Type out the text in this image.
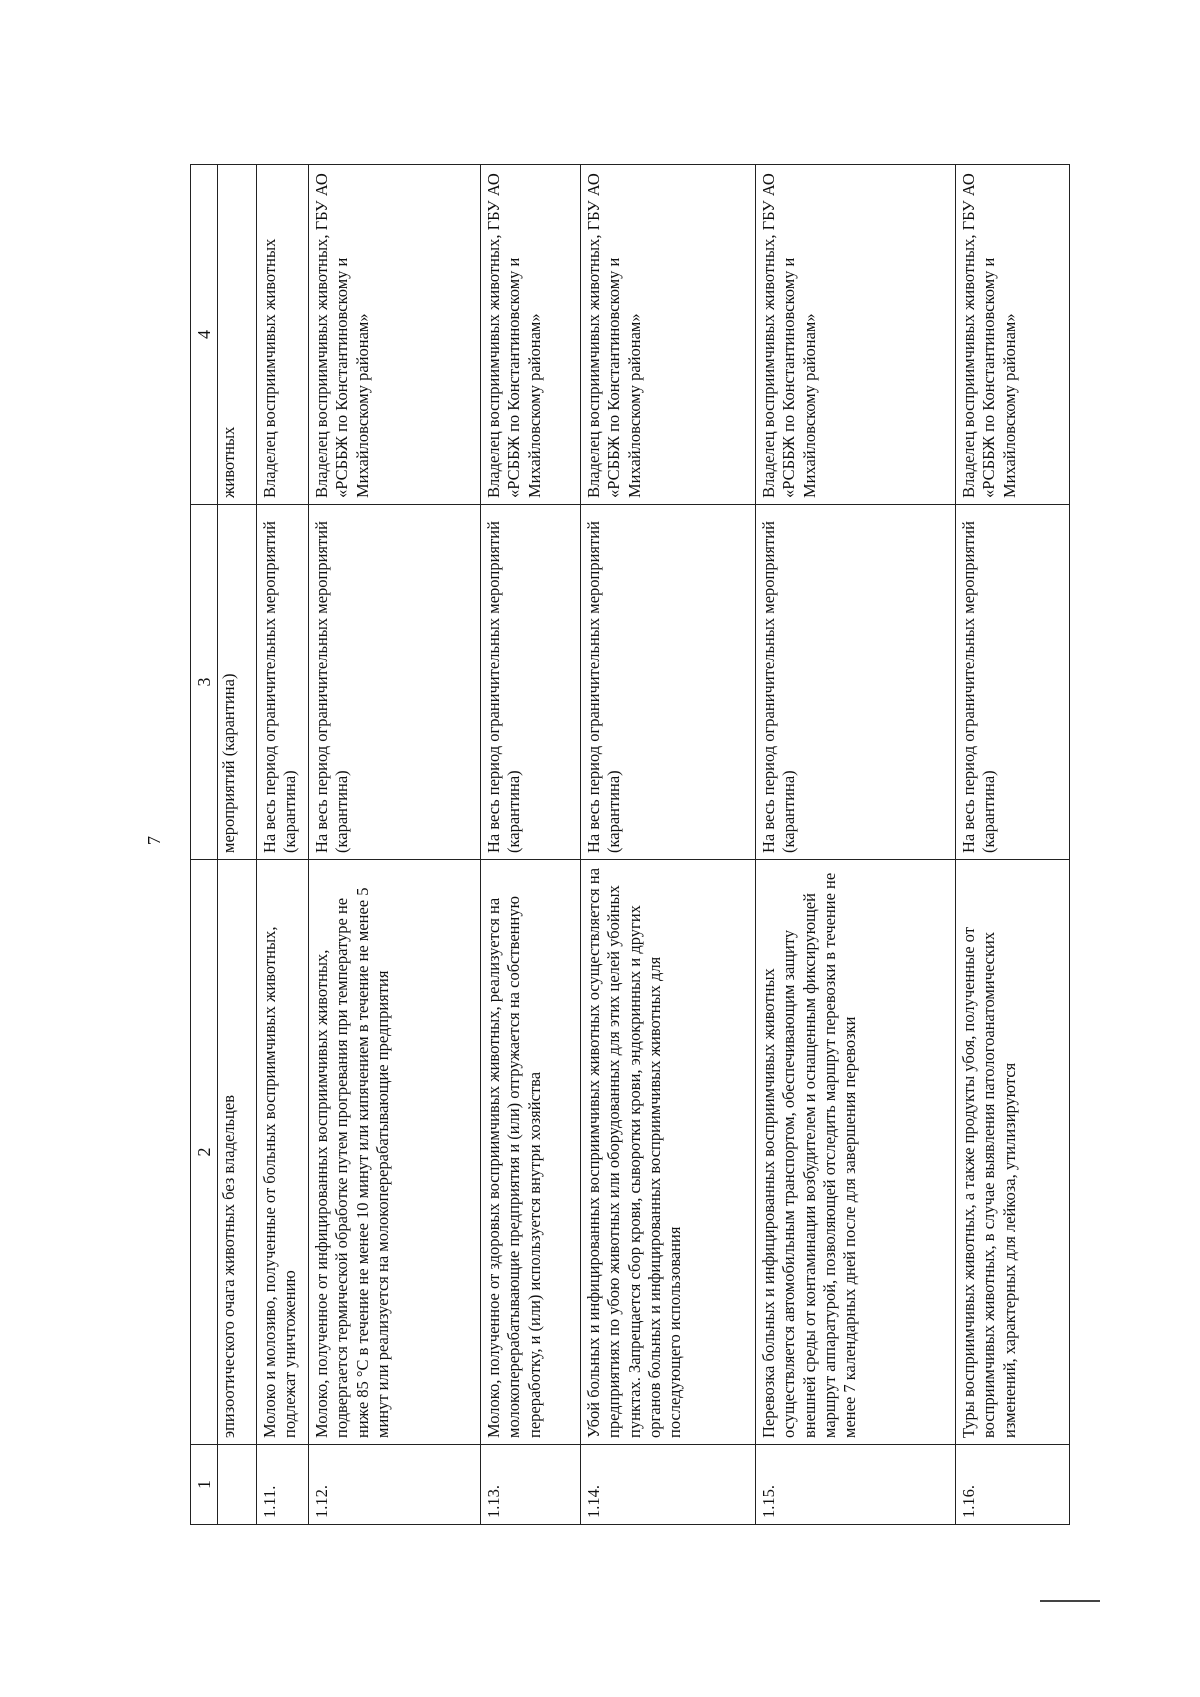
7
1	2	3	4
	эпизоотического очага животных без владельцев	мероприятий (карантина)	животных
1.11.	Молоко и молозиво, полученные от больных восприимчивых животных, подлежат уничтожению	На весь период ограничительных мероприятий (карантина)	Владелец восприимчивых животных
1.12.	Молоко, полученное от инфицированных восприимчивых животных, подвергается термической обработке путем прогревания при температуре не ниже 85 °С в течение не менее 10 минут или кипячением в течение не менее 5 минут или реализуется на молокоперерабатывающие предприятия	На весь период ограничительных мероприятий (карантина)	Владелец восприимчивых животных, ГБУ АО «РСББЖ по Константиновскому и Михайловскому районам»
1.13.	Молоко, полученное от здоровых восприимчивых животных, реализуется на молокоперерабатывающие предприятия и (или) отгружается на собственную переработку, и (или) используется внутри хозяйства	На весь период ограничительных мероприятий (карантина)	Владелец восприимчивых животных, ГБУ АО «РСББЖ по Константиновскому и Михайловскому районам»
1.14.	Убой больных и инфицированных восприимчивых животных осуществляется на предприятиях по убою животных или оборудованных для этих целей убойных пунктах. Запрещается сбор крови, сыворотки крови, эндокринных и других органов больных и инфицированных восприимчивых животных для последующего использования	На весь период ограничительных мероприятий (карантина)	Владелец восприимчивых животных, ГБУ АО «РСББЖ по Константиновскому и Михайловскому районам»
1.15.	Перевозка больных и инфицированных восприимчивых животных осуществляется автомобильным транспортом, обеспечивающим защиту внешней среды от контаминации возбудителем и оснащенным фиксирующей маршрут аппаратурой, позволяющей отследить маршрут перевозки в течение не менее 7 календарных дней после для завершения перевозки	На весь период ограничительных мероприятий (карантина)	Владелец восприимчивых животных, ГБУ АО «РСББЖ по Константиновскому и Михайловскому районам»
1.16.	Туры восприимчивых животных, а также продукты убоя, полученные от восприимчивых животных, в случае выявления патологоанатомических изменений, характерных для лейкоза, утилизируются	На весь период ограничительных мероприятий (карантина)	Владелец восприимчивых животных, ГБУ АО «РСББЖ по Константиновскому и Михайловскому районам»
